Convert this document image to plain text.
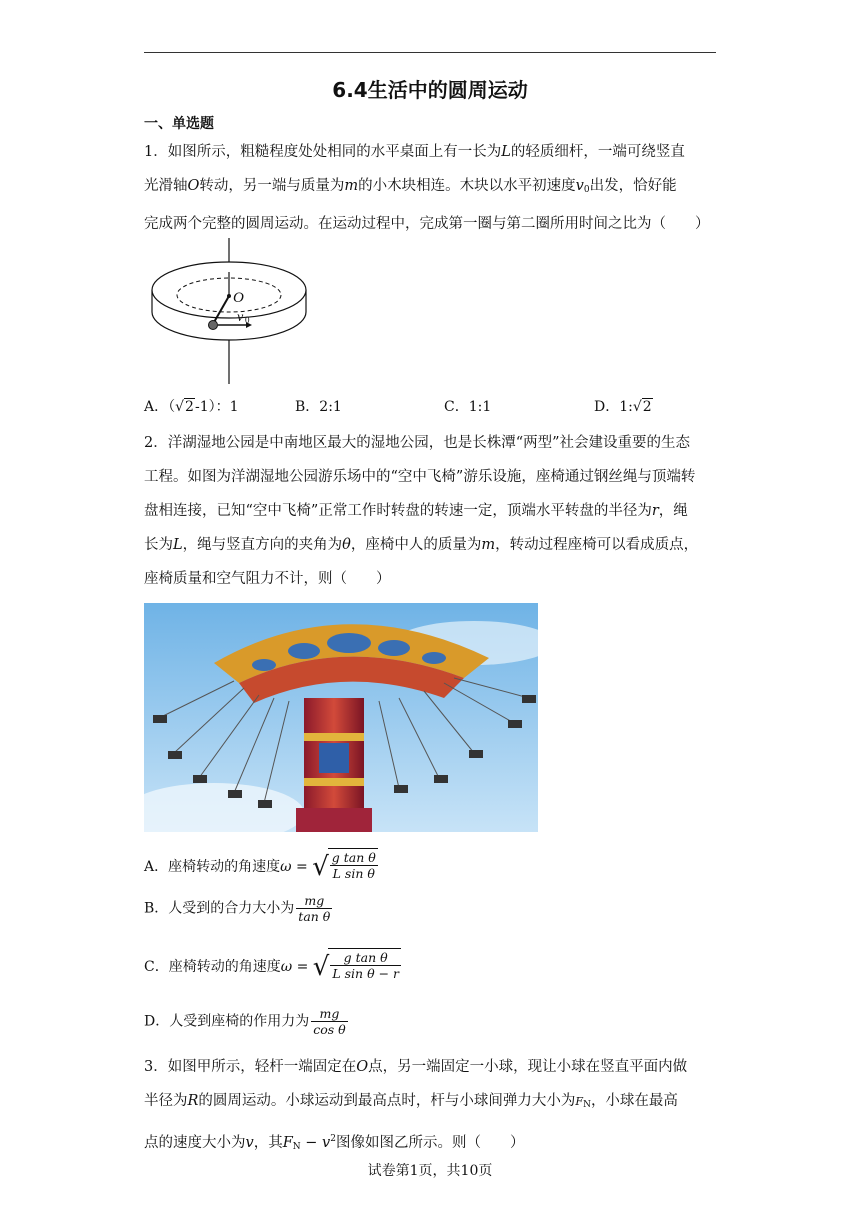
6.4生活中的圆周运动
一、单选题
1．如图所示，粗糙程度处处相同的水平桌面上有一长为L的轻质细杆，一端可绕竖直
光滑轴O转动，另一端与质量为m的小木块相连。木块以水平初速度$v_0$出发，恰好能
完成两个完整的圆周运动。在运动过程中，完成第一圈与第二圈所用时间之比为（　　）
O
v 0
A．（√2-1）：1	B．2:1	C．1:1	D．1:√2
2．洋湖湿地公园是中南地区最大的湿地公园，也是长株潭“两型”社会建设重要的生态
工程。如图为洋湖湿地公园游乐场中的“空中飞椅”游乐设施，座椅通过钢丝绳与顶端转
盘相连接，已知“空中飞椅”正常工作时转盘的转速一定，顶端水平转盘的半径为r，绳
长为L，绳与竖直方向的夹角为θ，座椅中人的质量为m，转动过程座椅可以看成质点，
座椅质量和空气阻力不计，则（　　）
A．座椅转动的角速度ω = √ $\frac{\text{g tan θ}}{\text{L sin θ}}$
B．人受到的合力大小为 $\frac{mg}{\text{tan θ}}$
C．座椅转动的角速度ω = √ $\frac{\text{g tan θ}}{\text{L sin θ − r}}$
D．人受到座椅的作用力为 $\frac{mg}{\text{cos θ}}$
3．如图甲所示，轻杆一端固定在O点，另一端固定一小球，现让小球在竖直平面内做
半径为R的圆周运动。小球运动到最高点时，杆与小球间弹力大小为$F_N$，小球在最高
点的速度大小为v，其$F_N - v^2$图像如图乙所示。则（　　）
试卷第1页，共10页
